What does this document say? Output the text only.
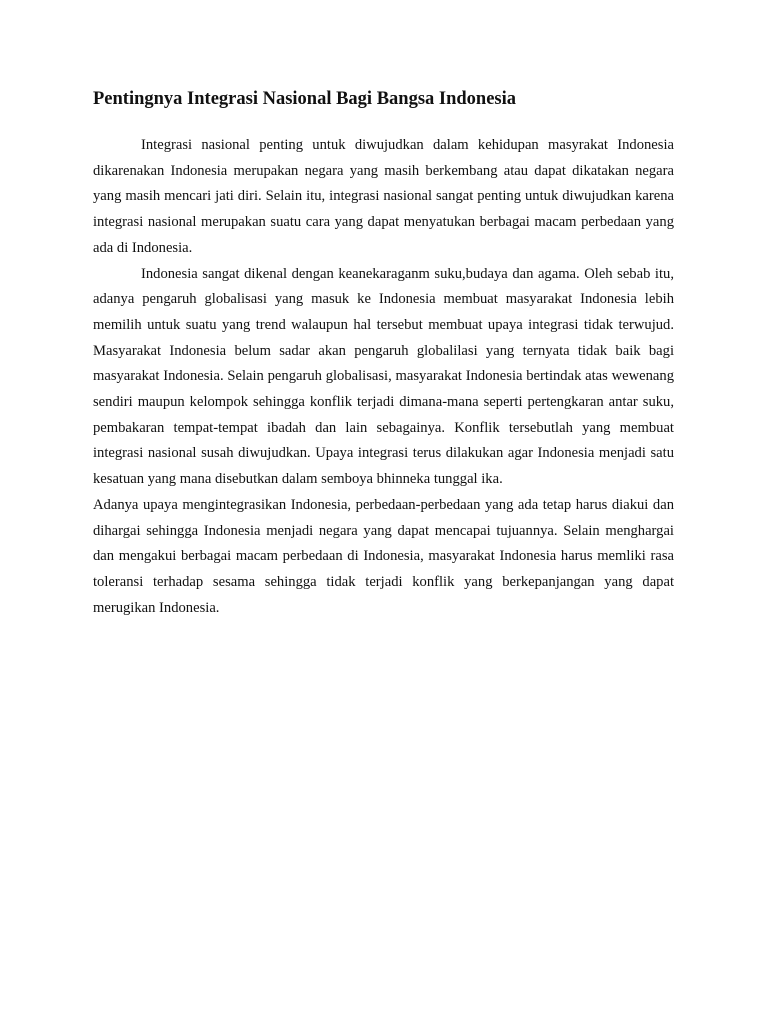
Pentingnya Integrasi Nasional Bagi Bangsa Indonesia

Integrasi nasional penting untuk diwujudkan dalam kehidupan masyrakat Indonesia dikarenakan Indonesia merupakan negara yang masih berkembang atau dapat dikatakan negara yang masih mencari jati diri. Selain itu, integrasi nasional sangat penting untuk diwujudkan karena integrasi nasional merupakan suatu cara yang dapat menyatukan berbagai macam perbedaan yang ada di Indonesia.

Indonesia sangat dikenal dengan keanekaraganm suku,budaya dan agama. Oleh sebab itu, adanya pengaruh globalisasi yang masuk ke Indonesia membuat masyarakat Indonesia lebih memilih untuk suatu yang trend walaupun hal tersebut membuat upaya integrasi tidak terwujud. Masyarakat Indonesia belum sadar akan pengaruh globalilasi yang ternyata tidak baik bagi masyarakat Indonesia. Selain pengaruh globalisasi, masyarakat Indonesia bertindak atas wewenang sendiri maupun kelompok sehingga konflik terjadi dimana-mana seperti pertengkaran antar suku, pembakaran tempat-tempat ibadah dan lain sebagainya. Konflik tersebutlah yang membuat integrasi nasional susah diwujudkan. Upaya integrasi terus dilakukan agar Indonesia menjadi satu kesatuan yang mana disebutkan dalam semboya bhinneka tunggal ika.

Adanya upaya mengintegrasikan Indonesia, perbedaan-perbedaan yang ada tetap harus diakui dan dihargai sehingga Indonesia menjadi negara yang dapat mencapai tujuannya. Selain menghargai dan mengakui berbagai macam perbedaan di Indonesia, masyarakat Indonesia harus memliki rasa toleransi terhadap sesama sehingga tidak terjadi konflik yang berkepanjangan yang dapat merugikan Indonesia.
